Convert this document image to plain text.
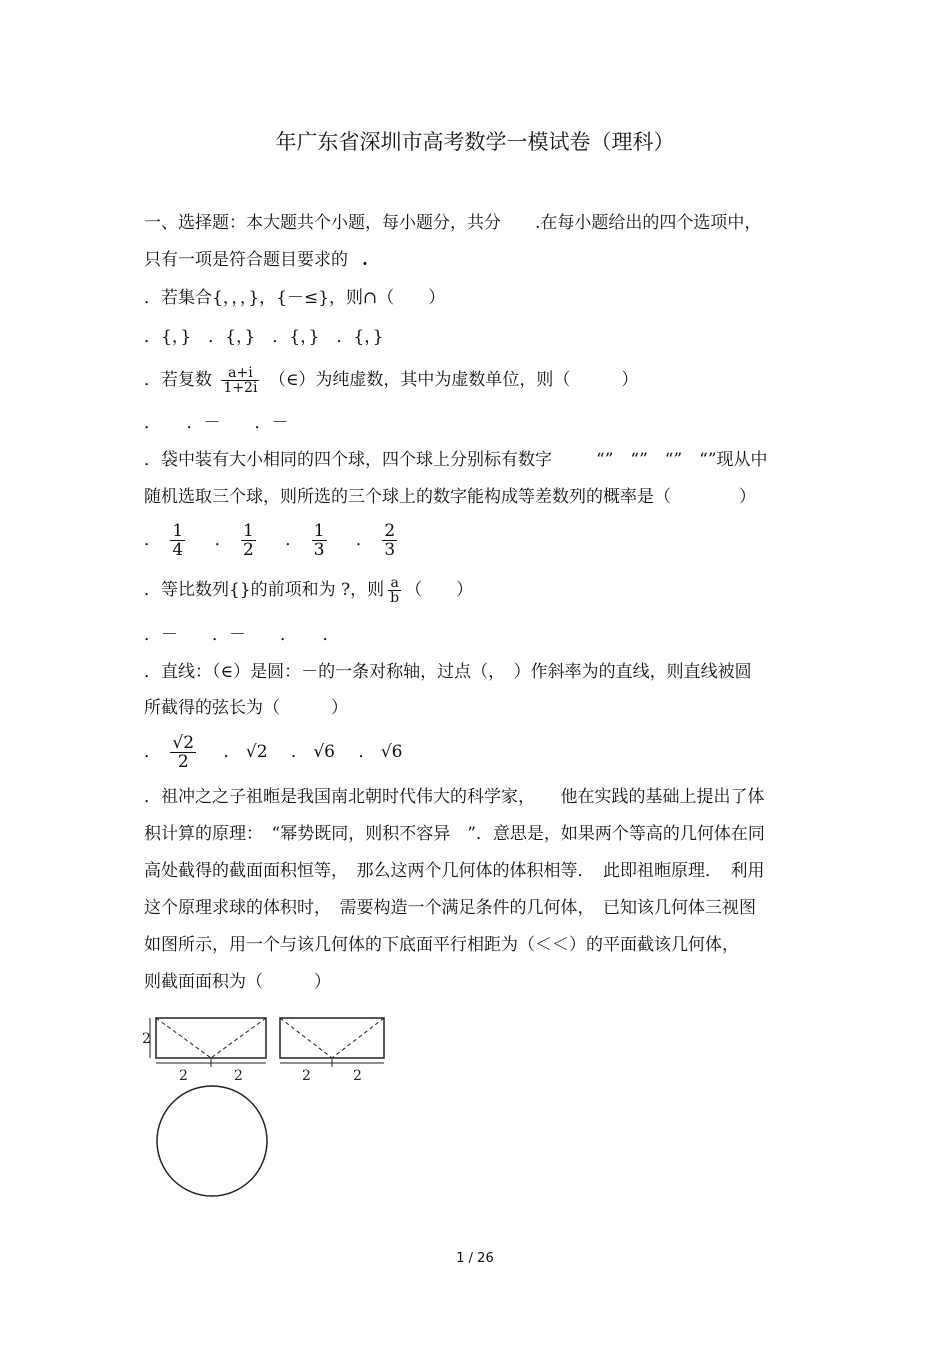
年广东省深圳市高考数学一模试卷（理科）
一、选择题：本大题共个小题，每小题分，共分 .在每小题给出的四个选项中，
只有一项是符合题目要求的 .
．若集合{，，，}，{－≤}，则∩（　　）
．{，}　．{，}　．{，}　．{，}
．若复数 $\frac{a+i}{1+2i}$ （∈）为纯虚数，其中为虚数单位，则（　　　）
．　　．－　　．－
．袋中装有大小相同的四个球，四个球上分别标有数字	“”　“”　“”　“”现从中
随机选取三个球，则所选的三个球上的数字能构成等差数列的概率是（　　　　）
． $\frac{1}{4}$ ． $\frac{1}{2}$ ． $\frac{1}{3}$ ． $\frac{2}{3}$
．等比数列{}的前项和为 ?，则 $\frac{a}{b}$ （　　）
．－　　．－　　．　　．
．直线：（∈）是圆：－的一条对称轴，过点（，　）作斜率为的直线，则直线被圆
所截得的弦长为（　　　）
． $\frac{√2}{2}$ ． √2 ． √6 ． √6
．祖冲之之子祖暅是我国南北朝时代伟大的科学家，　　他在实践的基础上提出了体
积计算的原理：　“幂势既同，则积不容异　”．意思是，如果两个等高的几何体在同
高处截得的截面面积恒等，　那么这两个几何体的体积相等．　此即祖暅原理．　利用
这个原理求球的体积时，　需要构造一个满足条件的几何体，　已知该几何体三视图
如图所示，用一个与该几何体的下底面平行相距为（＜＜）的平面截该几何体，
则截面面积为（　　　）
2
2	2	2	2
1 / 26
